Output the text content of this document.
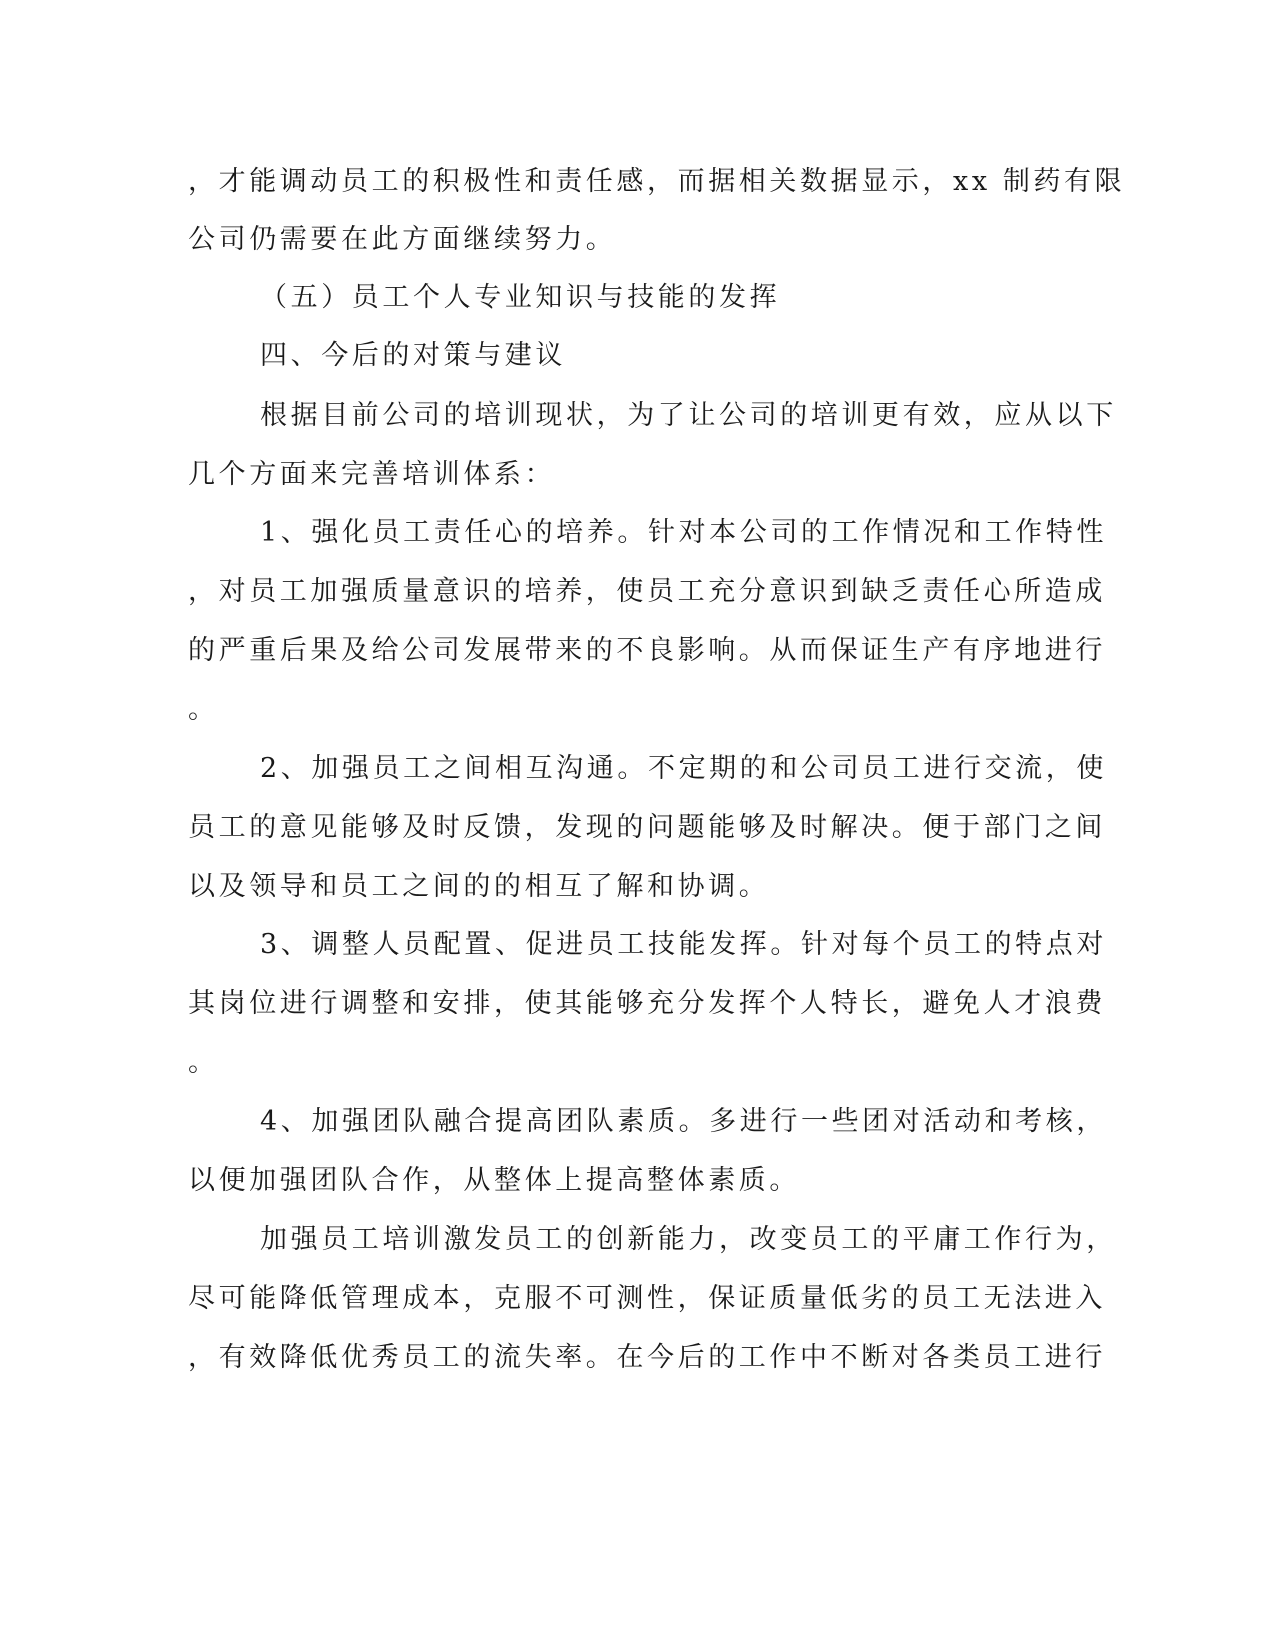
，才能调动员工的积极性和责任感，而据相关数据显示，xx 制药有限
公司仍需要在此方面继续努力。
（五）员工个人专业知识与技能的发挥
四、今后的对策与建议
根据目前公司的培训现状，为了让公司的培训更有效，应从以下
几个方面来完善培训体系：
1、强化员工责任心的培养。针对本公司的工作情况和工作特性
，对员工加强质量意识的培养，使员工充分意识到缺乏责任心所造成
的严重后果及给公司发展带来的不良影响。从而保证生产有序地进行
。
2、加强员工之间相互沟通。不定期的和公司员工进行交流，使
员工的意见能够及时反馈，发现的问题能够及时解决。便于部门之间
以及领导和员工之间的的相互了解和协调。
3、调整人员配置、促进员工技能发挥。针对每个员工的特点对
其岗位进行调整和安排，使其能够充分发挥个人特长，避免人才浪费
。
4、加强团队融合提高团队素质。多进行一些团对活动和考核，
以便加强团队合作，从整体上提高整体素质。
加强员工培训激发员工的创新能力，改变员工的平庸工作行为，
尽可能降低管理成本，克服不可测性，保证质量低劣的员工无法进入
，有效降低优秀员工的流失率。在今后的工作中不断对各类员工进行
